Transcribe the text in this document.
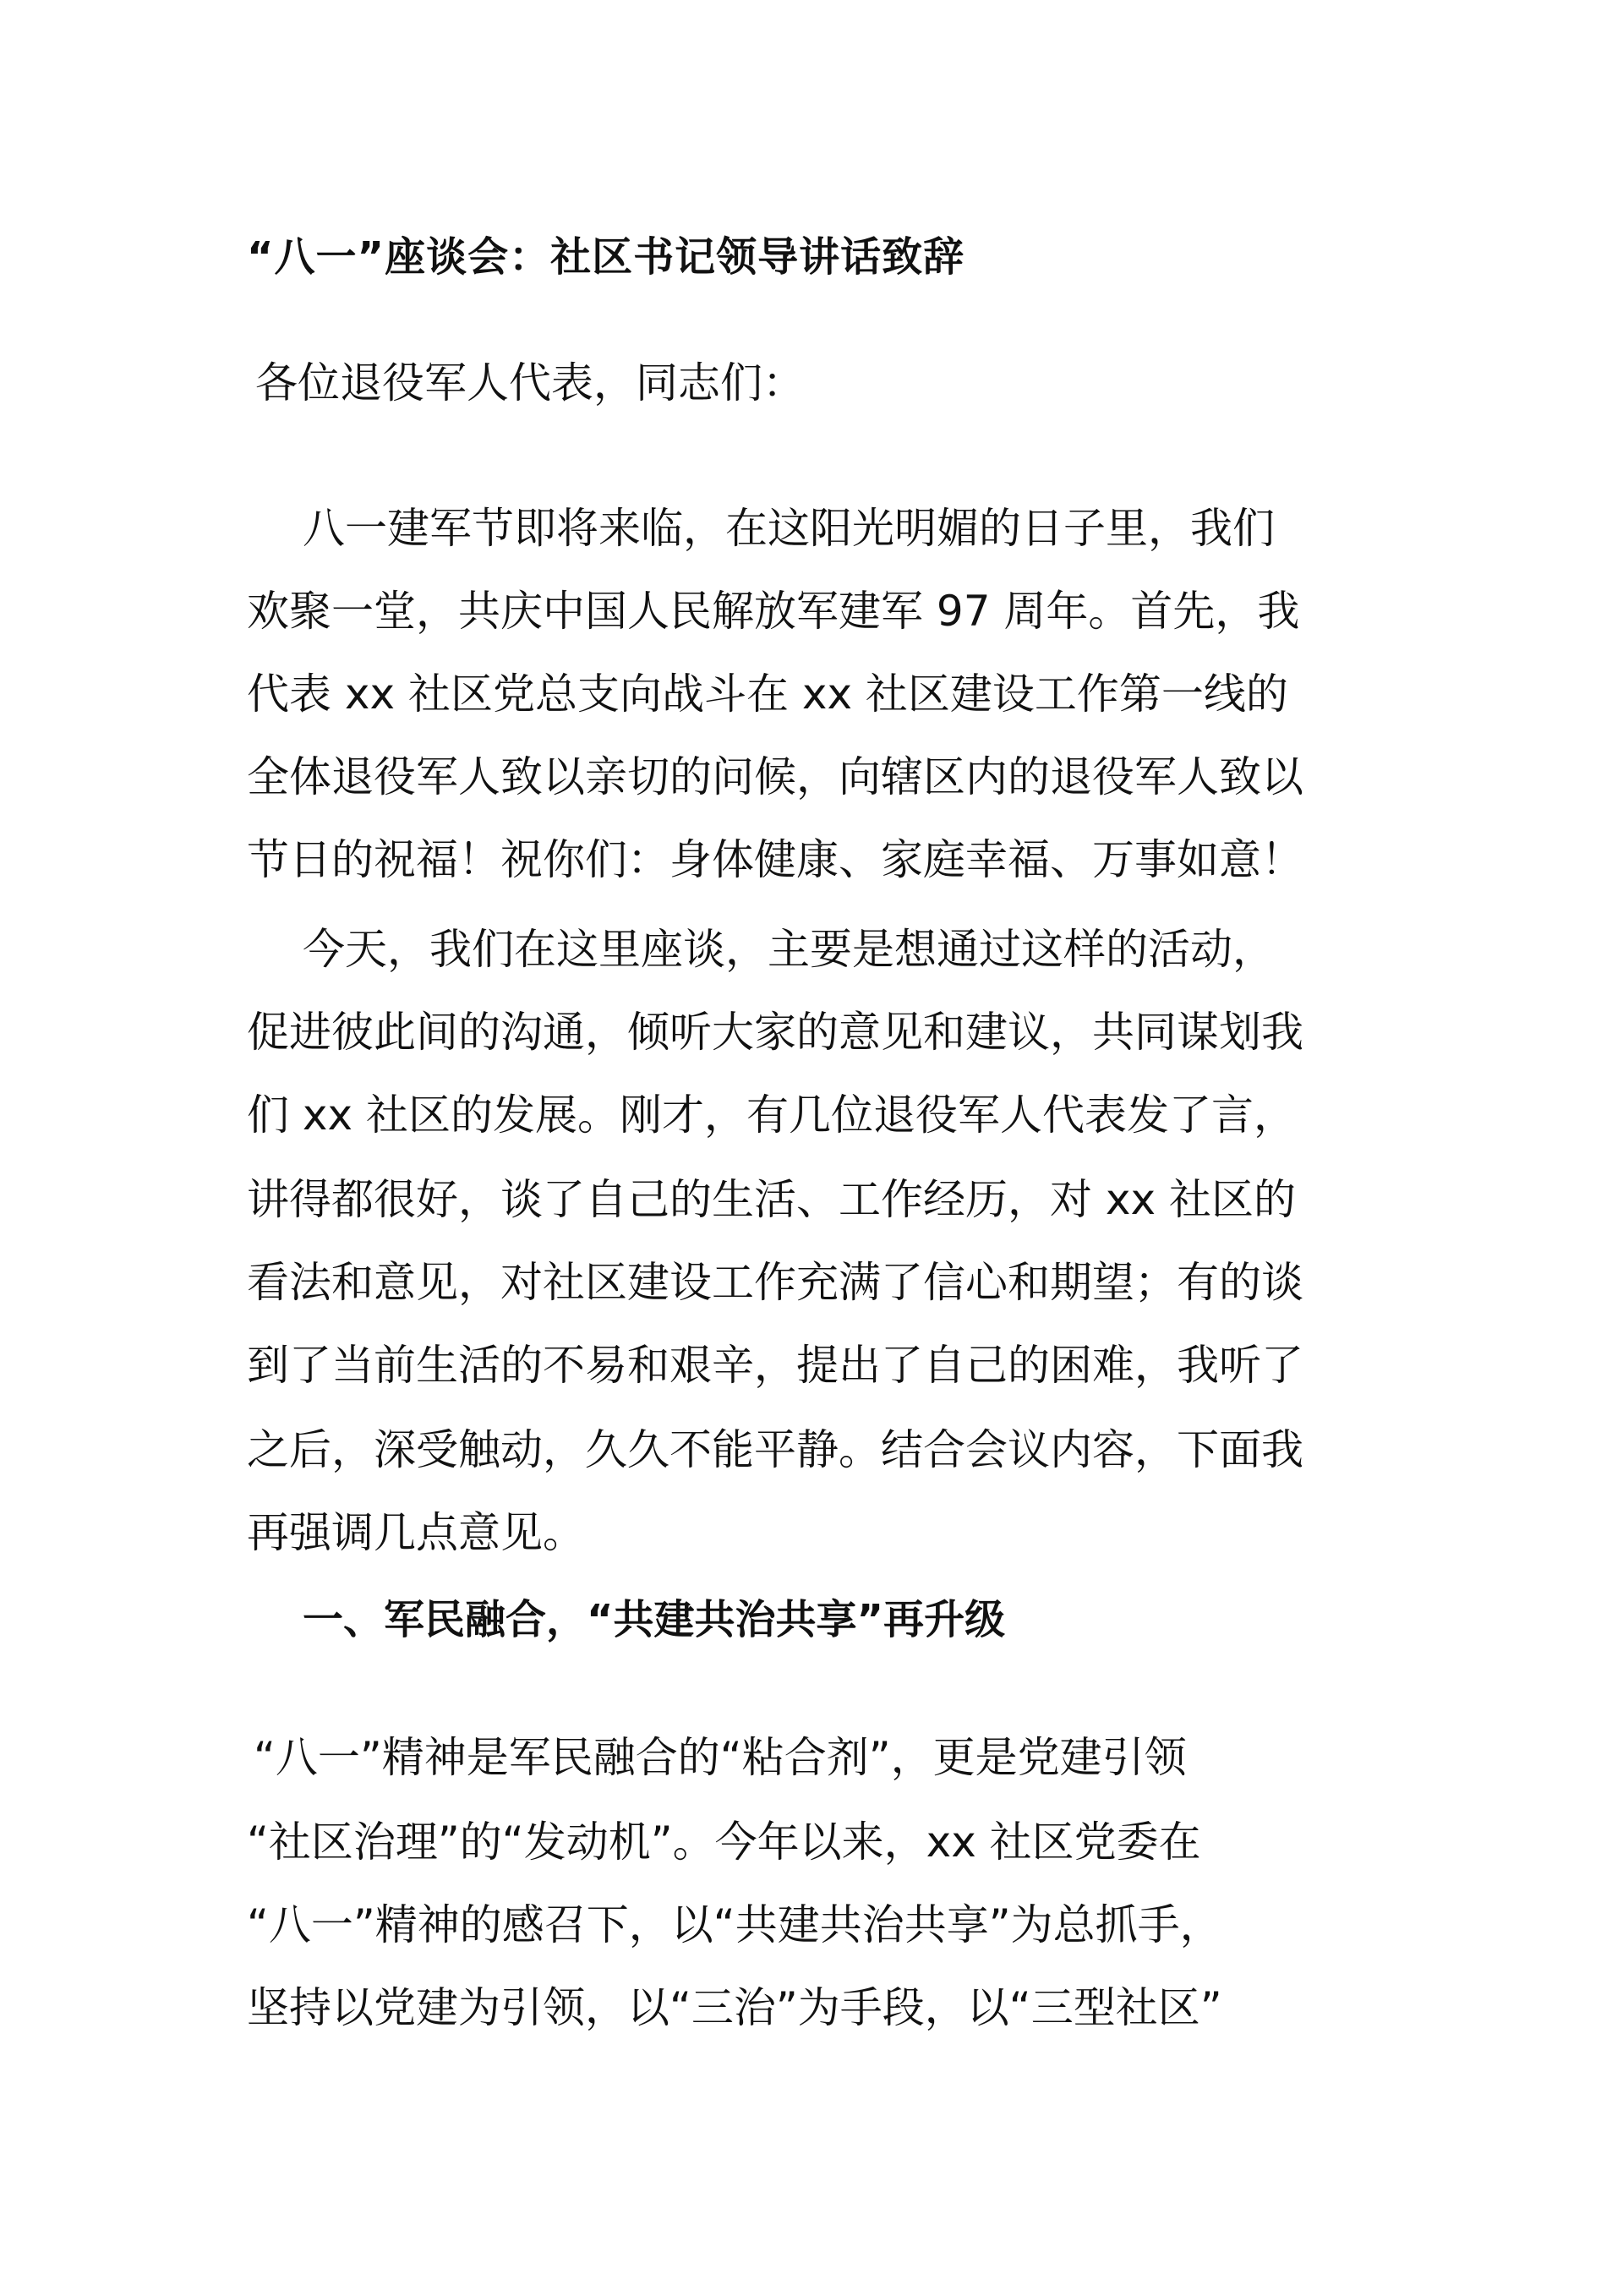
“八一”座谈会：社区书记领导讲话致辞
各位退役军人代表，同志们：
八一建军节即将来临，在这阳光明媚的日子里，我们
欢聚一堂，共庆中国人民解放军建军 97 周年。首先，我
代表 xx 社区党总支向战斗在 xx 社区建设工作第一线的
全体退役军人致以亲切的问候，向辖区内的退役军人致以
节日的祝福！祝你们：身体健康、家庭幸福、万事如意！
今天，我们在这里座谈，主要是想通过这样的活动，
促进彼此间的沟通，倾听大家的意见和建议，共同谋划我
们 xx 社区的发展。刚才，有几位退役军人代表发了言，
讲得都很好，谈了自己的生活、工作经历，对 xx 社区的
看法和意见，对社区建设工作充满了信心和期望；有的谈
到了当前生活的不易和艰辛，提出了自己的困难，我听了
之后，深受触动，久久不能平静。结合会议内容，下面我
再强调几点意见。
一、军民融合，“共建共治共享”再升级
“八一”精神是军民融合的“粘合剂”，更是党建引领
“社区治理”的“发动机”。今年以来，xx 社区党委在
“八一”精神的感召下，以“共建共治共享”为总抓手，
坚持以党建为引领，以“三治”为手段，以“三型社区”
